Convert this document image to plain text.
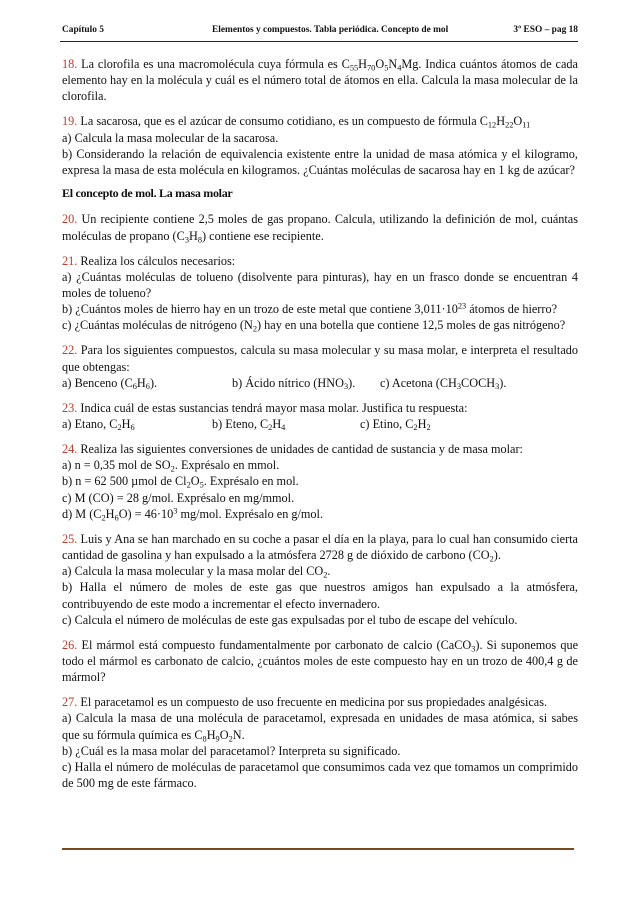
Capítulo 5	Elementos y compuestos. Tabla periódica. Concepto de mol	3º ESO – pag 18

18. La clorofila es una macromolécula cuya fórmula es $C_{55}H_{70}O_5N_4Mg$. Indica cuántos átomos de cada elemento hay en la molécula y cuál es el número total de átomos en ella. Calcula la masa molecular de la clorofila.

19. La sacarosa, que es el azúcar de consumo cotidiano, es un compuesto de fórmula $C_{12}H_{22}O_{11}$

a) Calcula la masa molecular de la sacarosa.

b) Considerando la relación de equivalencia existente entre la unidad de masa atómica y el kilogramo, expresa la masa de esta molécula en kilogramos. ¿Cuántas moléculas de sacarosa hay en 1 kg de azúcar?

El concepto de mol. La masa molar

20. Un recipiente contiene 2,5 moles de gas propano. Calcula, utilizando la definición de mol, cuántas moléculas de propano $(C_3H_8)$ contiene ese recipiente.

21. Realiza los cálculos necesarios:

a) ¿Cuántas moléculas de tolueno (disolvente para pinturas), hay en un frasco donde se encuentran 4 moles de tolueno?

b) ¿Cuántos moles de hierro hay en un trozo de este metal que contiene $3,011\cdot 10^{23}$ átomos de hierro?

c) ¿Cuántas moléculas de nitrógeno $(N_2)$ hay en una botella que contiene 12,5 moles de gas nitrógeno?

22. Para los siguientes compuestos, calcula su masa molecular y su masa molar, e interpreta el resultado que obtengas:

a) Benceno (C6H6).	b) Ácido nítrico (HNO3).	c) Acetona (CH3COCH3).

23. Indica cuál de estas sustancias tendrá mayor masa molar. Justifica tu respuesta:

a) Etano, C2H6	b) Eteno, C2H4	c) Etino, C2H2

24. Realiza las siguientes conversiones de unidades de cantidad de sustancia y de masa molar:

a) n = 0,35 mol de $SO_2$. Exprésalo en mmol.

b) n = 62 500 µmol de $Cl_2O_5$. Exprésalo en mol.

c) M (CO) = 28 g/mol. Exprésalo en mg/mmol.

d) M $(C_2H_6O) = 46\cdot 10^3$ mg/mol. Exprésalo en g/mol.

25. Luis y Ana se han marchado en su coche a pasar el día en la playa, para lo cual han consumido cierta cantidad de gasolina y han expulsado a la atmósfera 2728 g de dióxido de carbono $(CO_2)$.

a) Calcula la masa molecular y la masa molar del $CO_2$.

b) Halla el número de moles de este gas que nuestros amigos han expulsado a la atmósfera, contribuyendo de este modo a incrementar el efecto invernadero.

c) Calcula el número de moléculas de este gas expulsadas por el tubo de escape del vehículo.

26. El mármol está compuesto fundamentalmente por carbonato de calcio (CaCO$_3$). Si suponemos que todo el mármol es carbonato de calcio, ¿cuántos moles de este compuesto hay en un trozo de 400,4 g de mármol?

27. El paracetamol es un compuesto de uso frecuente en medicina por sus propiedades analgésicas.

a) Calcula la masa de una molécula de paracetamol, expresada en unidades de masa atómica, si sabes que su fórmula química es $C_8H_9O_2N$.

b) ¿Cuál es la masa molar del paracetamol? Interpreta su significado.

c) Halla el número de moléculas de paracetamol que consumimos cada vez que tomamos un comprimido de 500 mg de este fármaco.
